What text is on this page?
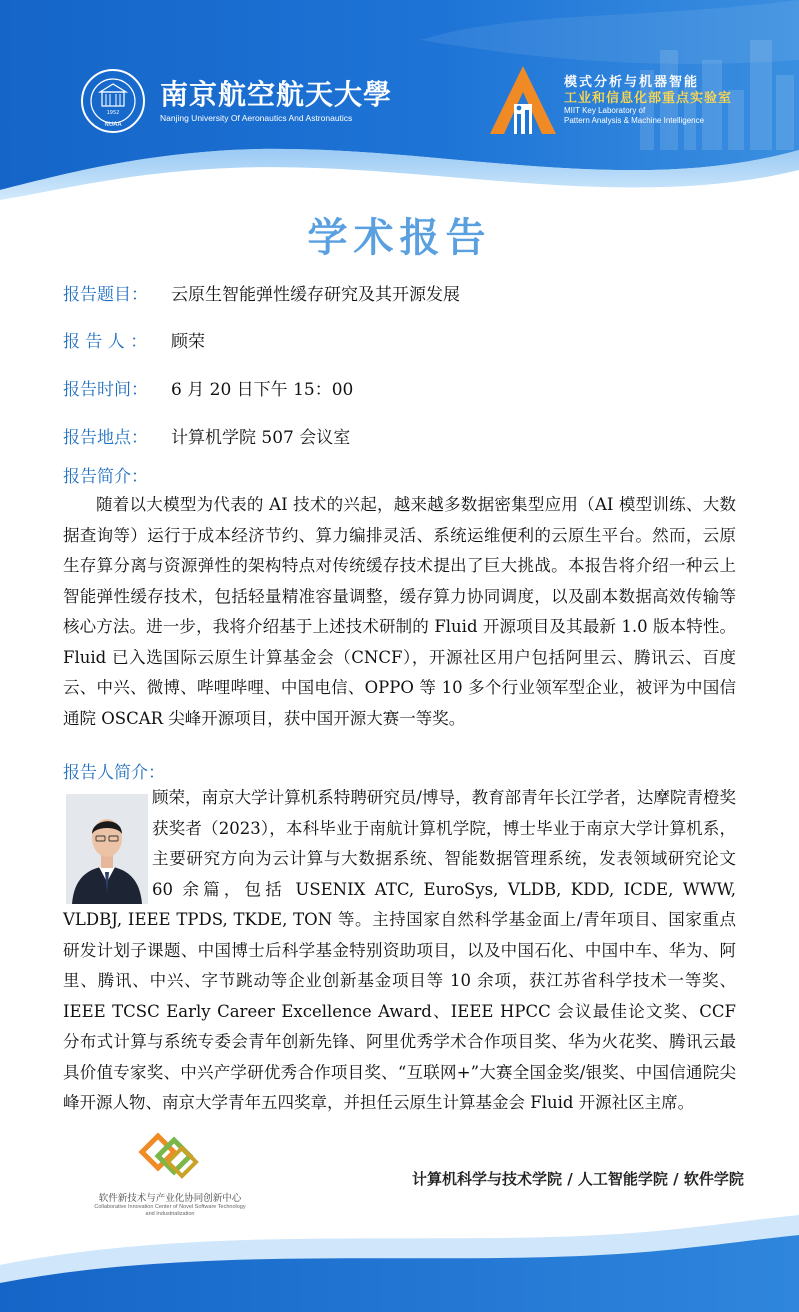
1952
NUAA
南京航空航天大學
Nanjing University Of Aeronautics And Astronautics
模式分析与机器智能
工业和信息化部重点实验室
MIIT Key Laboratory of
Pattern Analysis & Machine Intelligence
学术报告
报告题目：	云原生智能弹性缓存研究及其开源发展
报 告 人 ：	顾荣
报告时间：	6 月 20 日下午 15：00
报告地点：	计算机学院 507 会议室
报告简介：
随着以大模型为代表的 AI 技术的兴起，越来越多数据密集型应用（AI 模型训练、大数据查询等）运行于成本经济节约、算力编排灵活、系统运维便利的云原生平台。然而，云原生存算分离与资源弹性的架构特点对传统缓存技术提出了巨大挑战。本报告将介绍一种云上智能弹性缓存技术，包括轻量精准容量调整，缓存算力协同调度，以及副本数据高效传输等核心方法。进一步，我将介绍基于上述技术研制的 Fluid 开源项目及其最新 1.0 版本特性。Fluid 已入选国际云原生计算基金会（CNCF），开源社区用户包括阿里云、腾讯云、百度云、中兴、微博、哔哩哔哩、中国电信、OPPO 等 10 多个行业领军型企业，被评为中国信通院 OSCAR 尖峰开源项目，获中国开源大赛一等奖。
报告人简介：
顾荣，南京大学计算机系特聘研究员/博导，教育部青年长江学者，达摩院青橙奖获奖者（2023），本科毕业于南航计算机学院，博士毕业于南京大学计算机系，主要研究方向为云计算与大数据系统、智能数据管理系统，发表领域研究论文 60 余篇，包括 USENIX ATC, EuroSys, VLDB, KDD, ICDE, WWW, VLDBJ, IEEE TPDS, TKDE, TON 等。主持国家自然科学基金面上/青年项目、国家重点研发计划子课题、中国博士后科学基金特别资助项目，以及中国石化、中国中车、华为、阿里、腾讯、中兴、字节跳动等企业创新基金项目等 10 余项，获江苏省科学技术一等奖、IEEE TCSC Early Career Excellence Award、IEEE HPCC 会议最佳论文奖、CCF 分布式计算与系统专委会青年创新先锋、阿里优秀学术合作项目奖、华为火花奖、腾讯云最具价值专家奖、中兴产学研优秀合作项目奖、“互联网+”大赛全国金奖/银奖、中国信通院尖峰开源人物、南京大学青年五四奖章，并担任云原生计算基金会 Fluid 开源社区主席。
软件新技术与产业化协同创新中心
Collaborative Innovation Center of Novel Software Technology and Industrialization
计算机科学与技术学院 / 人工智能学院 / 软件学院
